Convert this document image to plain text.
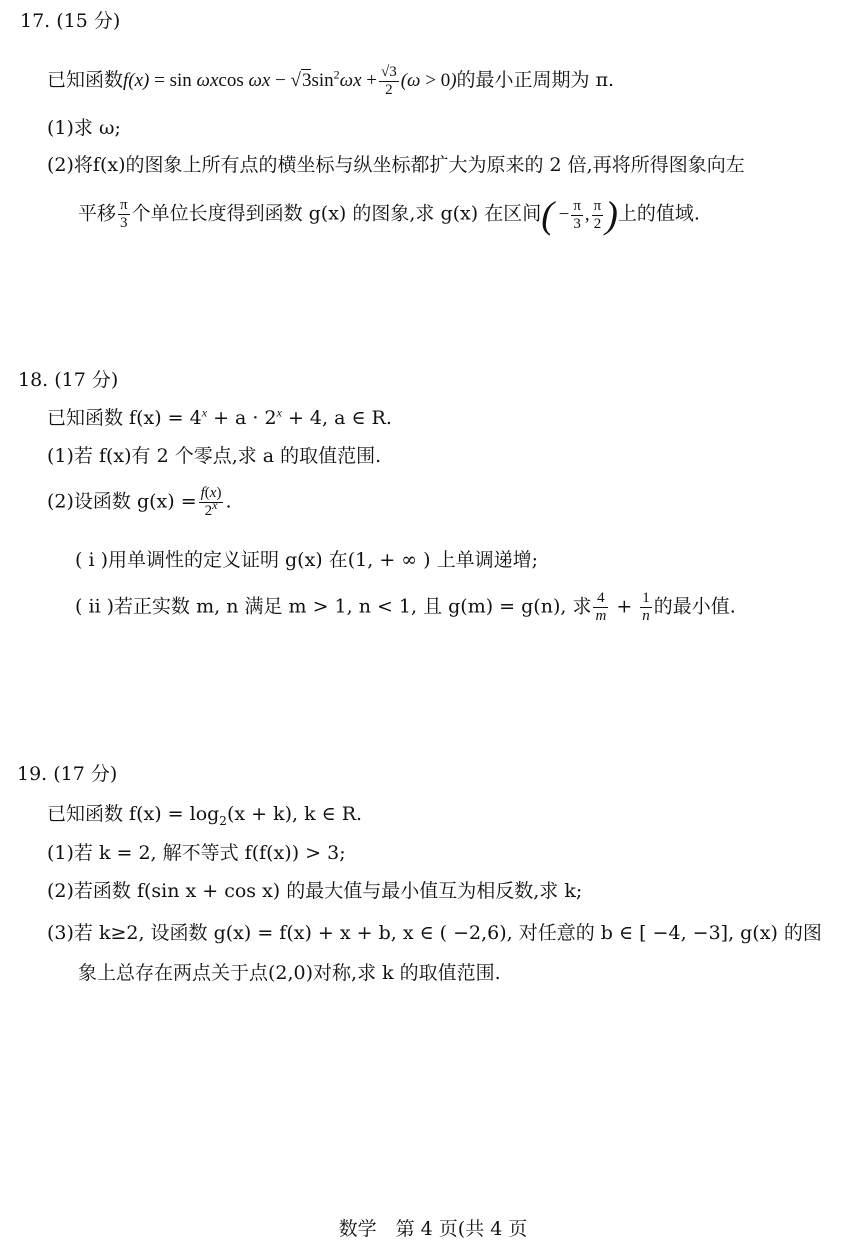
17. (15 分)
已知函数f(x) = sin ωxcos $\omega x - √3\sin^2\omega x + \frac{√3}{2} (\omega > 0)$的最小正周期为 π.
(1)求 ω;
(2)将f(x)的图象上所有点的横坐标与纵坐标都扩大为原来的 2 倍,再将所得图象向左
平移 $\frac{\pi}{3}$ 个单位长度得到函数 g(x) 的图象,求 g(x) 在区间( − $\frac{\pi}{3}$ , $\frac{\pi}{2}$ )上的值域.
18. (17 分)
已知函数 $f(x) = 4^x + a \cdot 2^x + 4$, a ∈ R.
(1)若 f(x)有 2 个零点,求 a 的取值范围.
(2)设函数 $g(x) = \frac{f(x)}{2^x}$ .
( ⅰ )用单调性的定义证明 g(x) 在(1, + ∞ ) 上单调递增;
( ⅱ )若正实数 m, n 满足 m > 1, n < 1, 且 g(m) = g(n), 求 $\frac{4}{m} + \frac{1}{n}$ 的最小值.
19. (17 分)
已知函数 $f(x) = \log_2(x + k)$, k ∈ R.
(1)若 k = 2, 解不等式 f(f(x)) > 3;
(2)若函数 f(sin x + cos x) 的最大值与最小值互为相反数,求 k;
(3)若 k≥2, 设函数 g(x) = f(x) + x + b, x ∈ ( −2,6), 对任意的 b ∈ [ −4, −3], g(x) 的图
象上总存在两点关于点(2,0)对称,求 k 的取值范围.
数学　第 4 页(共 4 页
